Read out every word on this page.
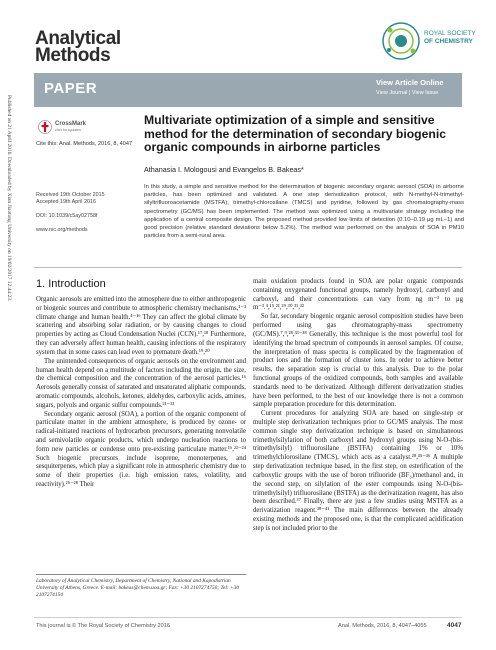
Analytical
Methods
ROYAL SOCIETY
OF CHEMISTRY
PAPER	View Article Online
View Journal | View Issue
Published on 21 April 2016. Downloaded by Xian Jiaotong University on 19/02/2017 12:44:23.	CrossMark
click for updates
Cite this: Anal. Methods, 2016, 8, 4047
Multivariate optimization of a simple and sensitive method for the determination of secondary biogenic organic compounds in airborne particles
Athanasia I. Mologousi and Evangelos B. Bakeas*
In this study, a simple and sensitive method for the determination of biogenic secondary organic aerosol (SOA) in airborne particles, has been optimized and validated. A one step derivatization protocol, with N-methyl-N-trimethyl-silyltrifluoroacetamide (MSTFA), trimethyl-chlorosilane (TMCS) and pyridine, followed by gas chromatography-mass spectrometry (GC/MS) has been implemented. The method was optimized using a multivariate strategy including the application of a central composite design. The proposed method provided low limits of detection (0.10–0.19 μg mL−1) and good precision (relative standard deviations below 5.2%). The method was performed on the analysis of SOA in PM10 particles from a semi-rural area.
Received 19th October 2015
Accepted 19th April 2016
DOI: 10.1039/c5ay02758f
www.rsc.org/methods
1. Introduction

Organic aerosols are emitted into the atmosphere due to either anthropogenic or biogenic sources and contribute to atmospheric chemistry mechanisms,¹⁻³ climate change and human health.⁴⁻¹⁶ They can affect the global climate by scattering and absorbing solar radiation, or by causing changes to cloud properties by acting as Cloud Condensation Nuclei (CCN).¹⁷,¹⁸ Furthermore, they can adversely affect human health, causing infections of the respiratory system that in some cases can lead even to premature death.¹⁹,²⁰

The unintended consequences of organic aerosols on the environment and human health depend on a multitude of factors including the origin, the size, the chemical composition and the concentration of the aerosol particles.¹⁶ Aerosols generally consist of saturated and unsaturated aliphatic compounds, aromatic compounds, alcohols, ketones, aldehydes, carboxylic acids, amines, sugars, polyols and organic sulfur compounds.²¹⁻²³

Secondary organic aerosol (SOA), a portion of the organic component of particulate matter in the ambient atmosphere, is produced by ozone- or radical-initiated reactions of hydrocarbon precursors, generating nonvolatile and semivolatile organic products, which undergo nucleation reactions to form new particles or condense onto pre-existing particulate matter.¹⁶,²²⁻²⁴ Such biogenic precursors include isoprene, monoterpenes, and sesquiterpenes, which play a significant role in atmospheric chemistry due to some of their properties (i.e. high emission rates, volatility, and reactivity).²⁵⁻²⁸ Their

main oxidation products found in SOA are polar organic compounds containing oxygenated functional groups, namely hydroxyl, carbonyl and carboxyl, and their concentrations can vary from ng m⁻³ to μg m⁻³.⁴,¹⁵,²¹,²⁹,³⁰,³¹,³²

So far, secondary biogenic organic aerosol composition studies have been performed using gas chromatography-mass spectrometry (GC/MS).⁷,⁹,²⁸,³³⁻³⁸ Generally, this technique is the most powerful tool for identifying the broad spectrum of compounds in aerosol samples. Of course, the interpretation of mass spectra is complicated by the fragmentation of product ions and the formation of cluster ions. In order to achieve better results, the separation step is crucial to this analysis. Due to the polar functional groups of the oxidized compounds, both samples and available standards need to be derivatized. Although different derivatization studies have been performed, to the best of our knowledge there is not a common sample preparation procedure for this determination.

Current procedures for analyzing SOA are based on single-step or multiple step derivatization techniques prior to GC/MS analysis. The most common single step derivatization technique is based on simultaneous trimethylsilylation of both carboxyl and hydroxyl groups using N-O-(bis-trimethylsilyl) trifluorosilane (BSTFA) containing 1% or 10% trimethylchlorosilane (TMCS), which acts as a catalyst.²⁸,³⁵⁻³⁶ A multiple step derivatization technique based, in the first step, on esterification of the carboxylic groups with the use of boron trifluoride (BF₃)/methanol and, in the second step, on silylation of the ester compounds using N-O-(bis-trimethylsilyl) trifluorosilane (BSTFA) as the derivatization reagent, has also been described.³⁷ Finally, there are just a few studies using MSTFA as a derivatization reagent.³⁸⁻⁴¹ The main differences between the already existing methods and the proposed one, is that the complicated acidification step is not included prior to the

Laboratory of Analytical Chemistry, Department of Chemistry, National and Kapodistrian University of Athens, Greece. E-mail: bakeas@chem.uoa.gr; Fax: +30 2107274750; Tel: +30 2107274154
This journal is © The Royal Society of Chemistry 2016	Anal. Methods, 2016, 8, 4047–4055	4047
